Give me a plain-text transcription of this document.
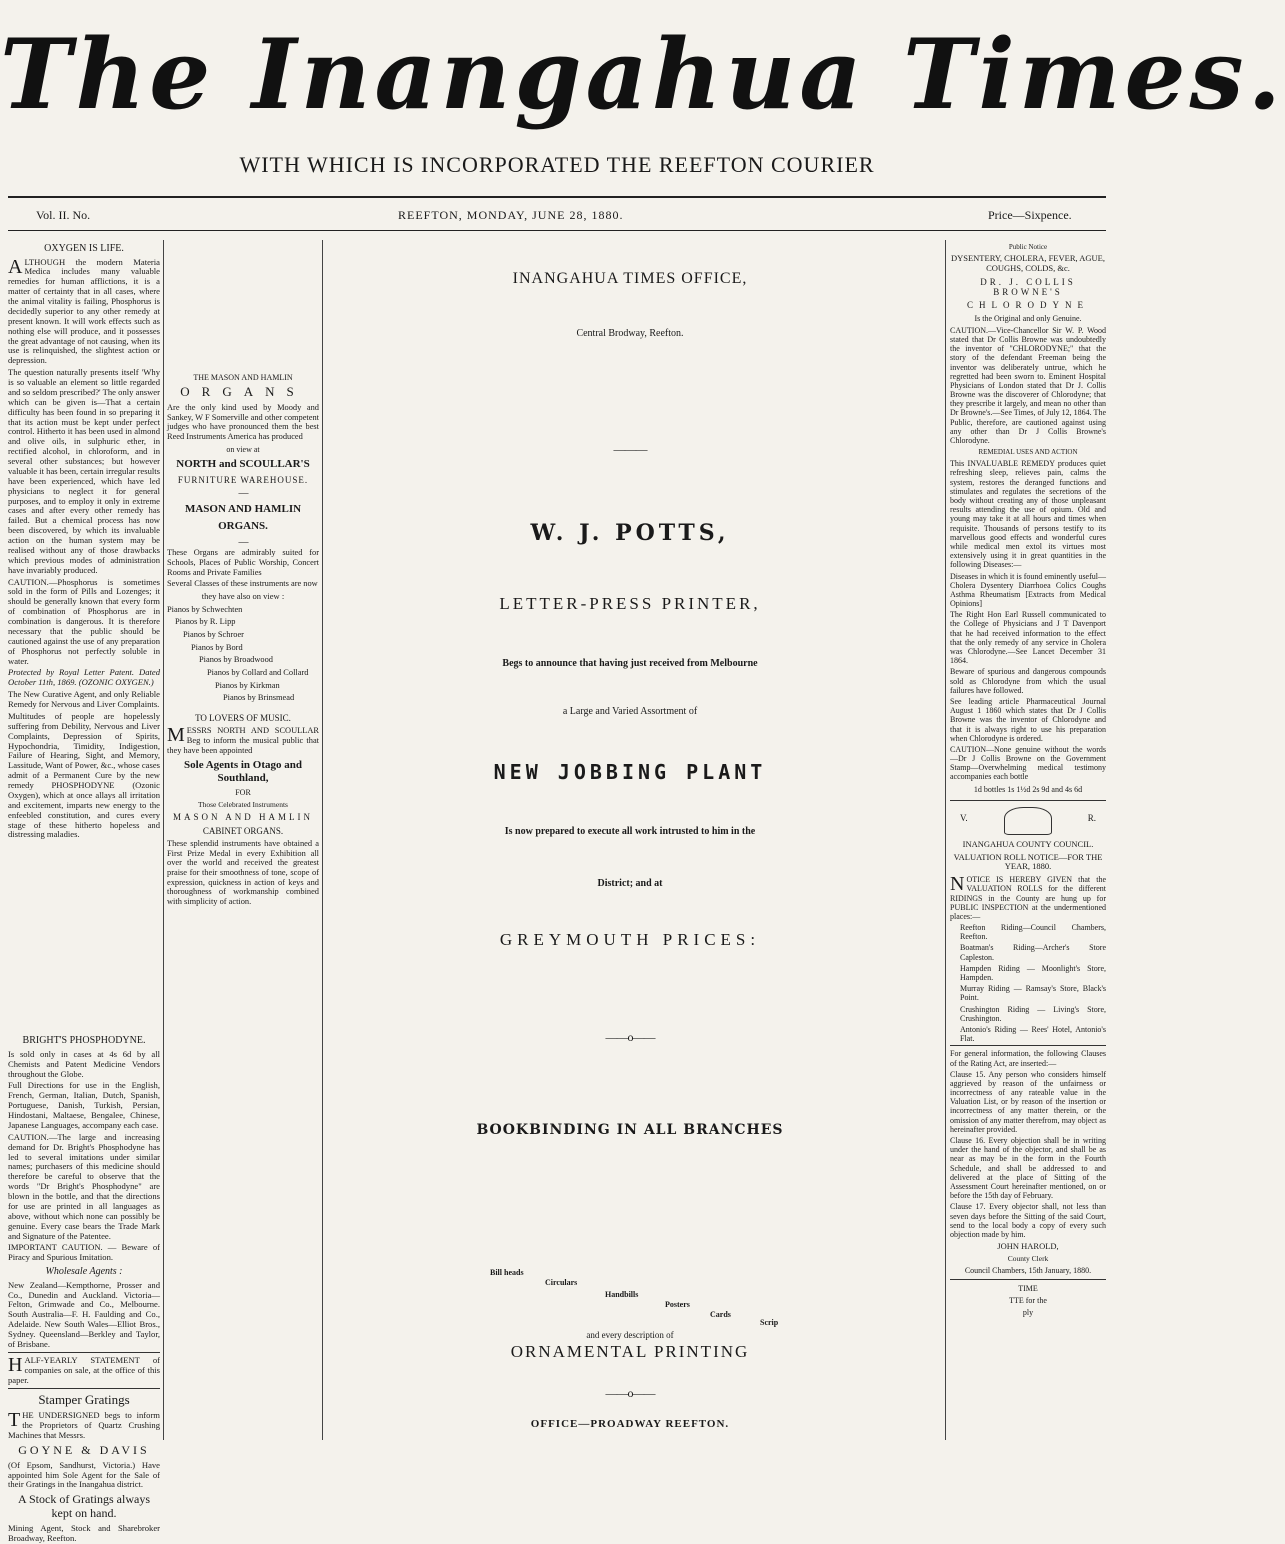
The Inangahua Times.
WITH WHICH IS INCORPORATED THE REEFTON COURIER
Vol. II. No.	REEFTON, MONDAY, JUNE 28, 1880.	Price—Sixpence.
OXYGEN IS LIFE.

ALTHOUGH the modern Materia Medica includes many valuable remedies for human afflictions, it is a matter of certainty that in all cases, where the animal vitality is failing, Phosphorus is decidedly superior to any other remedy at present known. It will work effects such as nothing else will produce, and it possesses the great advantage of not causing, when its use is relinquished, the slightest action or depression.

The question naturally presents itself 'Why is so valuable an element so little regarded and so seldom prescribed?' The only answer which can be given is—That a certain difficulty has been found in so preparing it that its action must be kept under perfect control. Hitherto it has been used in almond and olive oils, in sulphuric ether, in rectified alcohol, in chloroform, and in several other substances; but however valuable it has been, certain irregular results have been experienced, which have led physicians to neglect it for general purposes, and to employ it only in extreme cases and after every other remedy has failed. But a chemical process has now been discovered, by which its invaluable action on the human system may be realised without any of those drawbacks which previous modes of administration have invariably produced.

CAUTION.—Phosphorus is sometimes sold in the form of Pills and Lozenges; it should be generally known that every form of combination of Phosphorus are in combination is dangerous. It is therefore necessary that the public should be cautioned against the use of any preparation of Phosphorus not perfectly soluble in water.

Protected by Royal Letter Patent. Dated October 11th, 1869. (OZONIC OXYGEN.)

The New Curative Agent, and only Reliable Remedy for Nervous and Liver Complaints.

Multitudes of people are hopelessly suffering from Debility, Nervous and Liver Complaints, Depression of Spirits, Hypochondria, Timidity, Indigestion, Failure of Hearing, Sight, and Memory, Lassitude, Want of Power, &c., whose cases admit of a Permanent Cure by the new remedy PHOSPHODYNE (Ozonic Oxygen), which at once allays all irritation and excitement, imparts new energy to the enfeebled constitution, and cures every stage of these hitherto hopeless and distressing maladies.

BRIGHT'S PHOSPHODYNE.

Is sold only in cases at 4s 6d by all Chemists and Patent Medicine Vendors throughout the Globe.

Full Directions for use in the English, French, German, Italian, Dutch, Spanish, Portuguese, Danish, Turkish, Persian, Hindostani, Maltaese, Bengalee, Chinese, Japanese Languages, accompany each case.

CAUTION.—The large and increasing demand for Dr. Bright's Phosphodyne has led to several imitations under similar names; purchasers of this medicine should therefore be careful to observe that the words "Dr Bright's Phosphodyne" are blown in the bottle, and that the directions for use are printed in all languages as above, without which none can possibly be genuine. Every case bears the Trade Mark and Signature of the Patentee.

IMPORTANT CAUTION. — Beware of Piracy and Spurious Imitation.

Wholesale Agents :

New Zealand—Kempthorne, Prosser and Co., Dunedin and Auckland. Victoria—Felton, Grimwade and Co., Melbourne. South Australia—F. H. Faulding and Co., Adelaide. New South Wales—Elliot Bros., Sydney. Queensland—Berkley and Taylor, of Brisbane.

HALF-YEARLY STATEMENT of companies on sale, at the office of this paper.

Stamper Gratings

THE UNDERSIGNED begs to inform the Proprietors of Quartz Crushing Machines that Messrs.

GOYNE & DAVIS

(Of Epsom, Sandhurst, Victoria.) Have appointed him Sole Agent for the Sale of their Gratings in the Inangahua district.

A Stock of Gratings always kept on hand.

Mining Agent, Stock and Sharebroker Broadway, Reefton.

THE MASON AND HAMLIN
ORGANS

Are the only kind used by Moody and Sankey, W F Somerville and other competent judges who have pronounced them the best Reed Instruments America has produced

on view at
NORTH and SCOULLAR'S
FURNITURE WAREHOUSE.
—
MASON AND HAMLIN
ORGANS.
—

These Organs are admirably suited for Schools, Places of Public Worship, Concert Rooms and Private Families

Several Classes of these instruments are now

they have also on view :
Pianos by Schwechten
Pianos by R. Lipp
Pianos by Schroer
Pianos by Bord
Pianos by Broadwood
Pianos by Collard and Collard
Pianos by Kirkman
Pianos by Brinsmead
TO LOVERS OF MUSIC.

MESSRS NORTH AND SCOULLAR Beg to inform the musical public that they have been appointed

Sole Agents in Otago and Southland,
FOR
Those Celebrated Instruments
MASON AND HAMLIN
CABINET ORGANS.

These splendid instruments have obtained a First Prize Medal in every Exhibition all over the world and received the greatest praise for their smoothness of tone, scope of expression, quickness in action of keys and thoroughness of workmanship combined with simplicity of action.

INANGAHUA TIMES OFFICE,
Central Brodway, Reefton.
———
W. J. POTTS,
LETTER-PRESS PRINTER,
Begs to announce that having just received from Melbourne
a Large and Varied Assortment of
NEW JOBBING PLANT
Is now prepared to execute all work intrusted to him in the
District; and at
GREYMOUTH PRICES:
——o——
BOOKBINDING IN ALL BRANCHES
Bill heads
Circulars
Handbills
Posters
Cards
Scrip
and every description of
ORNAMENTAL PRINTING
——o——
OFFICE—PROADWAY REEFTON.
Public Notice
DYSENTERY, CHOLERA, FEVER, AGUE, COUGHS, COLDS, &c.
DR. J. COLLIS BROWNE'S
CHLORODYNE
Is the Original and only Genuine.

CAUTION.—Vice-Chancellor Sir W. P. Wood stated that Dr Collis Browne was undoubtedly the inventor of "CHLORODYNE;" that the story of the defendant Freeman being the inventor was deliberately untrue, which he regretted had been sworn to. Eminent Hospital Physicians of London stated that Dr J. Collis Browne was the discoverer of Chlorodyne; that they prescribe it largely, and mean no other than Dr Browne's.—See Times, of July 12, 1864. The Public, therefore, are cautioned against using any other than Dr J Collis Browne's Chlorodyne.

REMEDIAL USES AND ACTION

This INVALUABLE REMEDY produces quiet refreshing sleep, relieves pain, calms the system, restores the deranged functions and stimulates and regulates the secretions of the body without creating any of those unpleasant results attending the use of opium. Old and young may take it at all hours and times when requisite. Thousands of persons testify to its marvellous good effects and wonderful cures while medical men extol its virtues most extensively using it in great quantities in the following Diseases:—

Diseases in which it is found eminently useful—Cholera Dysentery Diarrhoea Colics Coughs Asthma Rheumatism [Extracts from Medical Opinions]

The Right Hon Earl Russell communicated to the College of Physicians and J T Davenport that he had received information to the effect that the only remedy of any service in Cholera was Chlorodyne.—See Lancet December 31 1864.

Beware of spurious and dangerous compounds sold as Chlorodyne from which the usual failures have followed.

See leading article Pharmaceutical Journal August 1 1860 which states that Dr J Collis Browne was the inventor of Chlorodyne and that it is always right to use his preparation when Chlorodyne is ordered.

CAUTION—None genuine without the words—Dr J Collis Browne on the Government Stamp—Overwhelming medical testimony accompanies each bottle

1d bottles 1s 1½d 2s 9d and 4s 6d
V.	R.
INANGAHUA COUNTY COUNCIL.
VALUATION ROLL NOTICE—FOR THE YEAR, 1880.

NOTICE IS HEREBY GIVEN that the VALUATION ROLLS for the different RIDINGS in the County are hung up for PUBLIC INSPECTION at the undermentioned places:—

Reefton Riding—Council Chambers, Reefton.

Boatman's Riding—Archer's Store Capleston.

Hampden Riding — Moonlight's Store, Hampden.

Murray Riding — Ramsay's Store, Black's Point.

Crushington Riding — Living's Store, Crushington.

Antonio's Riding — Rees' Hotel, Antonio's Flat.

For general information, the following Clauses of the Rating Act, are inserted:—

Clause 15. Any person who considers himself aggrieved by reason of the unfairness or incorrectness of any rateable value in the Valuation List, or by reason of the insertion or incorrectness of any matter therein, or the omission of any matter therefrom, may object as hereinafter provided.

Clause 16. Every objection shall be in writing under the hand of the objector, and shall be as near as may be in the form in the Fourth Schedule, and shall be addressed to and delivered at the place of Sitting of the Assessment Court hereinafter mentioned, on or before the 15th day of February.

Clause 17. Every objector shall, not less than seven days before the Sitting of the said Court, send to the local body a copy of every such objection made by him.

JOHN HAROLD,
County Clerk
Council Chambers, 15th January, 1880.
TIME
TTE for the
ply
